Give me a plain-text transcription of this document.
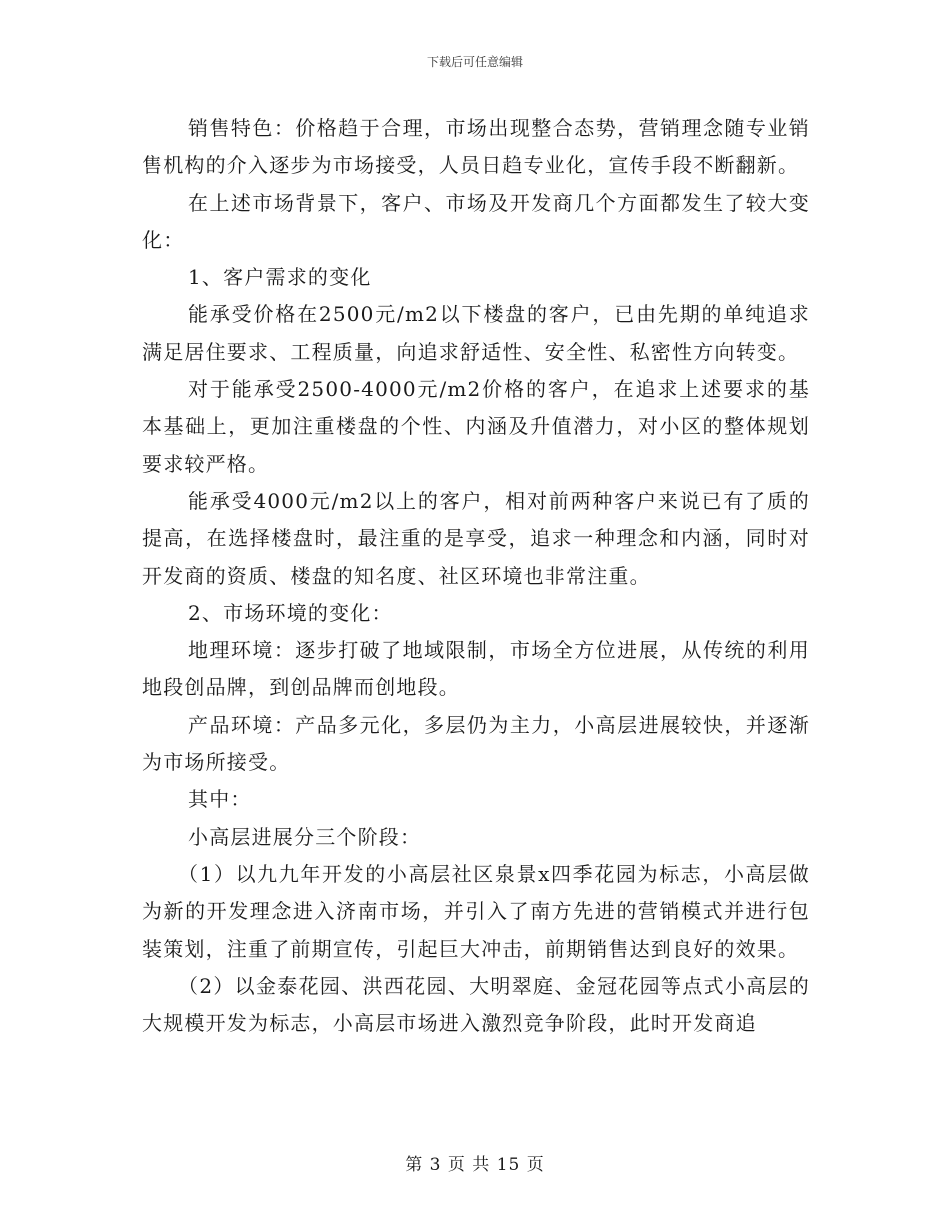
下载后可任意编辑

销售特色：价格趋于合理，市场出现整合态势，营销理念随专业销售机构的介入逐步为市场接受，人员日趋专业化，宣传手段不断翻新。

在上述市场背景下，客户、市场及开发商几个方面都发生了较大变化：

1、客户需求的变化

能承受价格在2500元/m2以下楼盘的客户，已由先期的单纯追求满足居住要求、工程质量，向追求舒适性、安全性、私密性方向转变。

对于能承受2500-4000元/m2价格的客户，在追求上述要求的基本基础上，更加注重楼盘的个性、内涵及升值潜力，对小区的整体规划要求较严格。

能承受4000元/m2以上的客户，相对前两种客户来说已有了质的提高，在选择楼盘时，最注重的是享受，追求一种理念和内涵，同时对开发商的资质、楼盘的知名度、社区环境也非常注重。

2、市场环境的变化：

地理环境：逐步打破了地域限制，市场全方位进展，从传统的利用地段创品牌，到创品牌而创地段。

产品环境：产品多元化，多层仍为主力，小高层进展较快，并逐渐为市场所接受。

其中：

小高层进展分三个阶段：

（1）以九九年开发的小高层社区泉景x四季花园为标志，小高层做为新的开发理念进入济南市场，并引入了南方先进的营销模式并进行包装策划，注重了前期宣传，引起巨大冲击，前期销售达到良好的效果。

（2）以金泰花园、洪西花园、大明翠庭、金冠花园等点式小高层的大规模开发为标志，小高层市场进入激烈竞争阶段，此时开发商追

第 3 页 共 15 页
